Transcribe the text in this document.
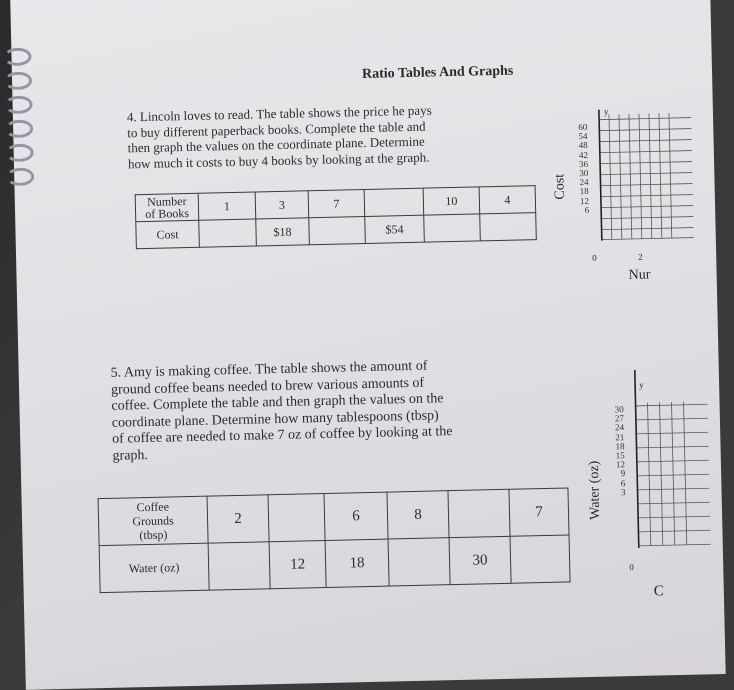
Ratio Tables And Graphs
4. Lincoln loves to read. The table shows the price he pays
to buy different paperback books. Complete the table and
then graph the values on the coordinate plane. Determine
how much it costs to buy 4 books by looking at the graph.
Number
of Books	1	3	7		10	4
Cost		$18		$54		
Cost
60
54
48
42
36
30
24
18
12
6
y
0	2
Nur
5. Amy is making coffee. The table shows the amount of
ground coffee beans needed to brew various amounts of
coffee. Complete the table and then graph the values on the
coordinate plane. Determine how many tablespoons (tbsp)
of coffee are needed to make 7 oz of coffee by looking at the
graph.
Coffee
Grounds
(tbsp)	2		6	8		7
Water (oz)		12	18		30	
Water (oz)
30
27
24
21
18
15
12
9
6
3
y
0
C
